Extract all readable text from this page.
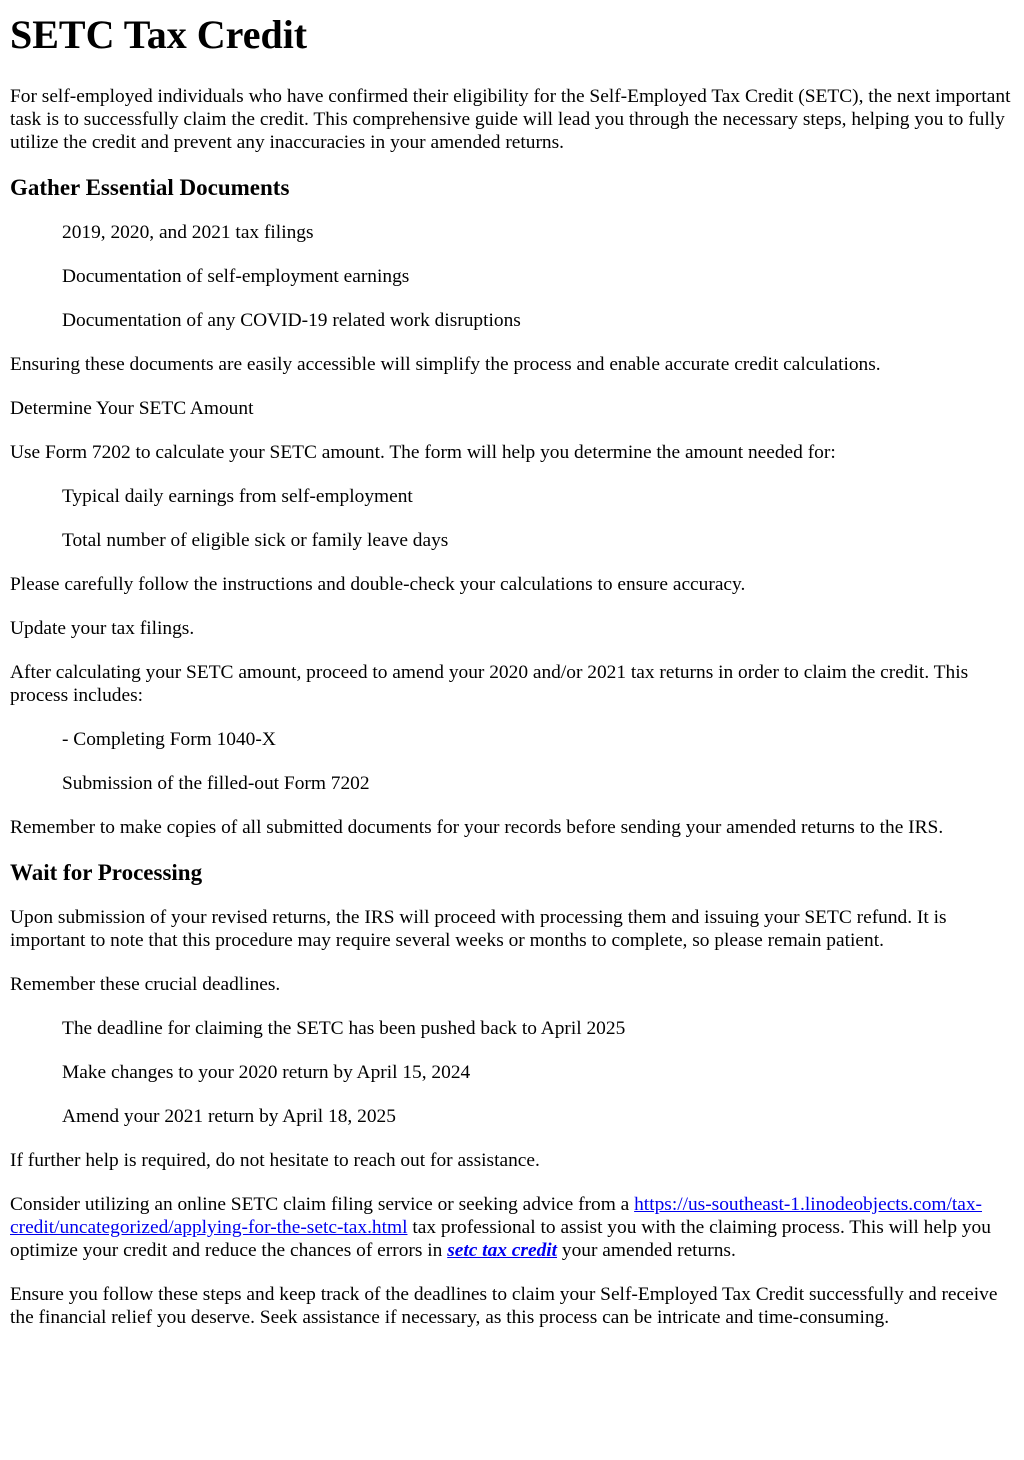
SETC Tax Credit

For self-employed individuals who have confirmed their eligibility for the Self-Employed Tax Credit (SETC), the next important task is to successfully claim the credit. This comprehensive guide will lead you through the necessary steps, helping you to fully utilize the credit and prevent any inaccuracies in your amended returns.

Gather Essential Documents

2019, 2020, and 2021 tax filings

Documentation of self-employment earnings

Documentation of any COVID-19 related work disruptions

Ensuring these documents are easily accessible will simplify the process and enable accurate credit calculations.

Determine Your SETC Amount

Use Form 7202 to calculate your SETC amount. The form will help you determine the amount needed for:

Typical daily earnings from self-employment

Total number of eligible sick or family leave days

Please carefully follow the instructions and double-check your calculations to ensure accuracy.

Update your tax filings.

After calculating your SETC amount, proceed to amend your 2020 and/or 2021 tax returns in order to claim the credit. This process includes:

- Completing Form 1040-X

Submission of the filled-out Form 7202

Remember to make copies of all submitted documents for your records before sending your amended returns to the IRS.

Wait for Processing

Upon submission of your revised returns, the IRS will proceed with processing them and issuing your SETC refund. It is important to note that this procedure may require several weeks or months to complete, so please remain patient.

Remember these crucial deadlines.

The deadline for claiming the SETC has been pushed back to April 2025

Make changes to your 2020 return by April 15, 2024

Amend your 2021 return by April 18, 2025

If further help is required, do not hesitate to reach out for assistance.

Consider utilizing an online SETC claim filing service or seeking advice from a https://us-southeast-1.linodeobjects.com/tax-credit/uncategorized/applying-for-the-setc-tax.html tax professional to assist you with the claiming process. This will help you optimize your credit and reduce the chances of errors in setc tax credit your amended returns.

Ensure you follow these steps and keep track of the deadlines to claim your Self-Employed Tax Credit successfully and receive the financial relief you deserve. Seek assistance if necessary, as this process can be intricate and time-consuming.
